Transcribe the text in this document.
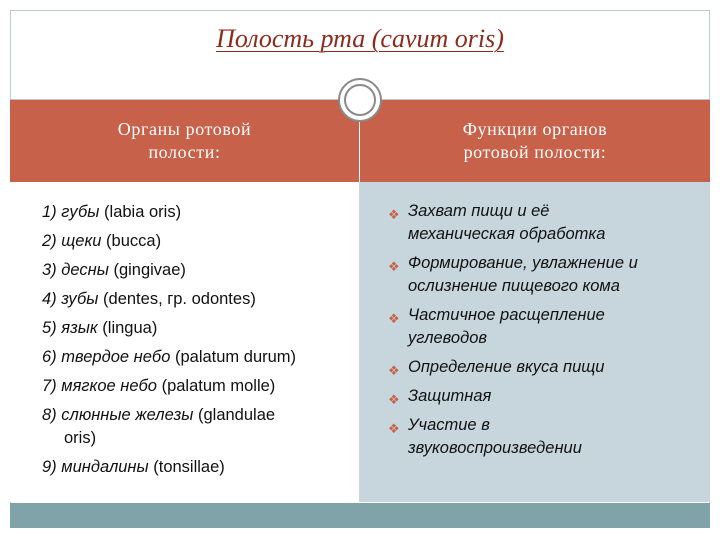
Полость рта (cavum oris)
Органы ротовой
полости:
Функции органов
ротовой полости:
1) губы (labia oris)
2) щеки (bucca)
3) десны (gingivae)
4) зубы (dentes, гр. odontes)
5) язык (lingua)
6) твердое небо (palatum durum)
7) мягкое небо (palatum molle)
8) слюнные железы (glandulae
oris)
9) миндалины (tonsillae)
❖ Захват пищи и её
механическая обработка
❖ Формирование, увлажнение и
ослизнение пищевого кома
❖ Частичное расщепление
углеводов
❖ Определение вкуса пищи
❖ Защитная
❖ Участие в
звуковоспроизведении
